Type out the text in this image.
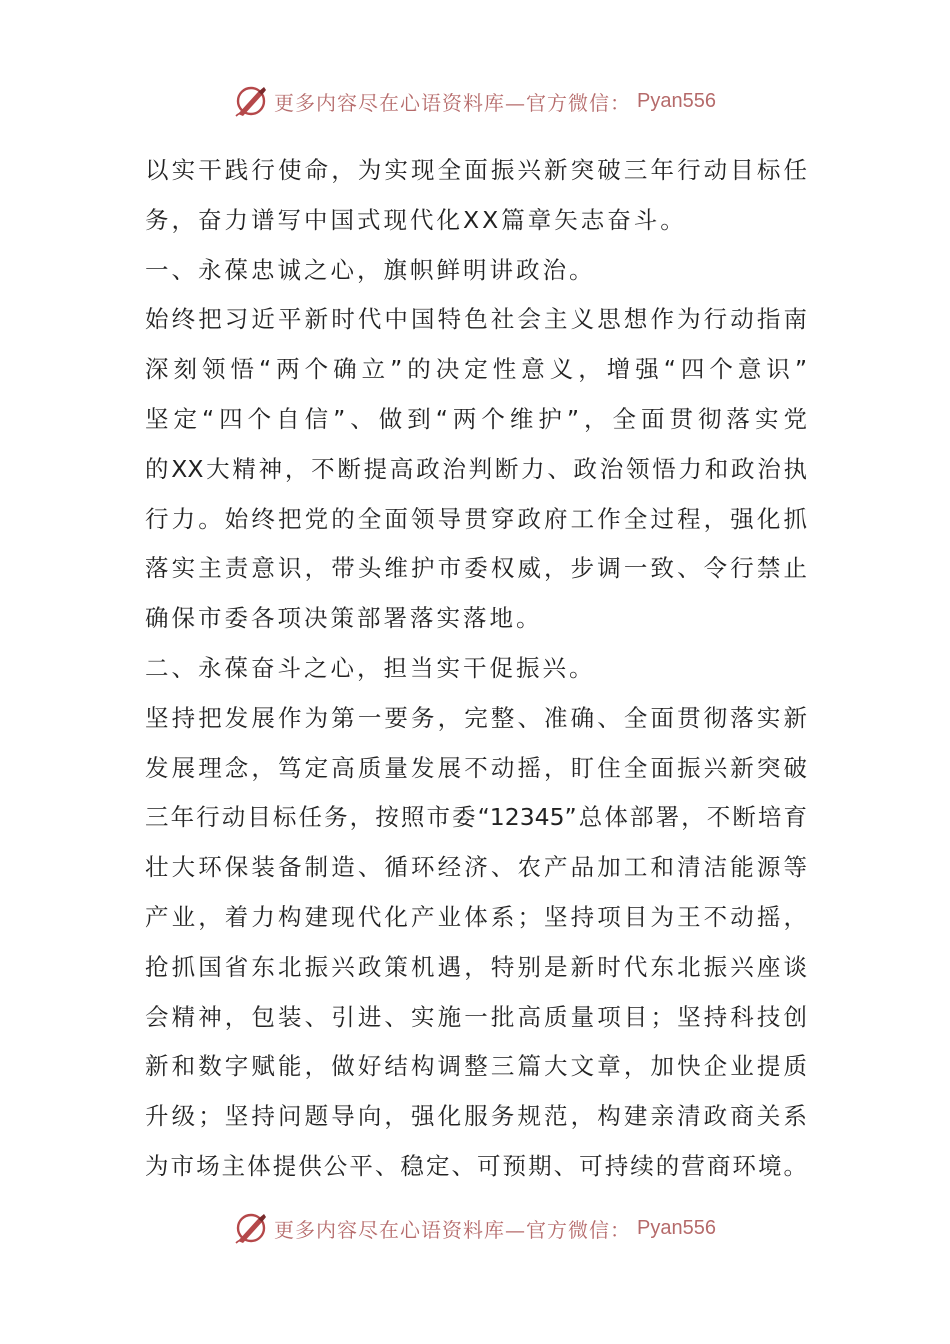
更多内容尽在心语资料库—官方微信： Pyan556
以实干践行使命，为实现全面振兴新突破三年行动目标任
务，奋力谱写中国式现代化XX篇章矢志奋斗。
一、永葆忠诚之心，旗帜鲜明讲政治。
始终把习近平新时代中国特色社会主义思想作为行动指南
深刻领悟“两个确立”的决定性意义，增强“四个意识”
坚定“四个自信”、做到“两个维护”，全面贯彻落实党
的XX大精神，不断提高政治判断力、政治领悟力和政治执
行力。始终把党的全面领导贯穿政府工作全过程，强化抓
落实主责意识，带头维护市委权威，步调一致、令行禁止
确保市委各项决策部署落实落地。
二、永葆奋斗之心，担当实干促振兴。
坚持把发展作为第一要务，完整、准确、全面贯彻落实新
发展理念，笃定高质量发展不动摇，盯住全面振兴新突破
三年行动目标任务，按照市委“12345”总体部署，不断培育
壮大环保装备制造、循环经济、农产品加工和清洁能源等
产业，着力构建现代化产业体系；坚持项目为王不动摇，
抢抓国省东北振兴政策机遇，特别是新时代东北振兴座谈
会精神，包装、引进、实施一批高质量项目；坚持科技创
新和数字赋能，做好结构调整三篇大文章，加快企业提质
升级；坚持问题导向，强化服务规范，构建亲清政商关系
为市场主体提供公平、稳定、可预期、可持续的营商环境。
更多内容尽在心语资料库—官方微信： Pyan556
